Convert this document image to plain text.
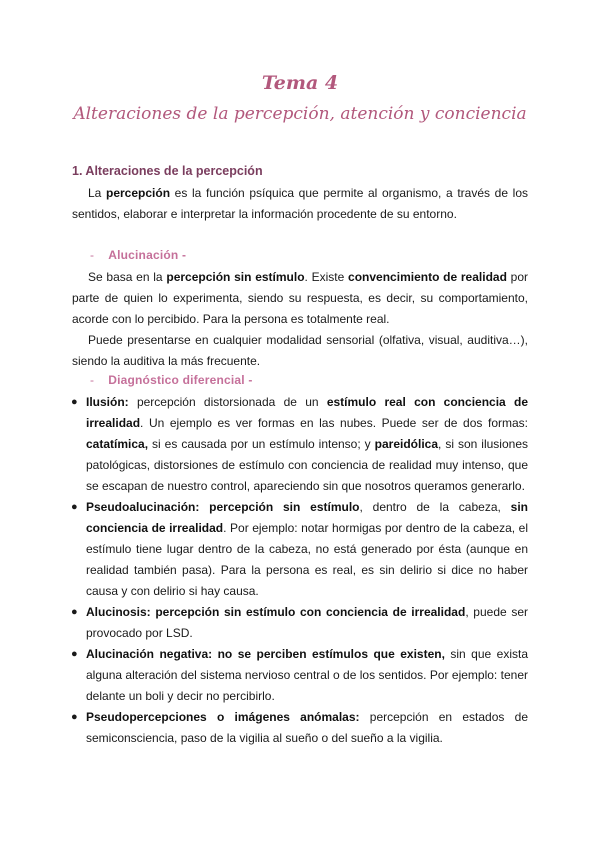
Tema 4
Alteraciones de la percepción, atención y conciencia
1. Alteraciones de la percepción
La percepción es la función psíquica que permite al organismo, a través de los sentidos, elaborar e interpretar la información procedente de su entorno.
- Alucinación -
Se basa en la percepción sin estímulo. Existe convencimiento de realidad por parte de quien lo experimenta, siendo su respuesta, es decir, su comportamiento, acorde con lo percibido. Para la persona es totalmente real.
Puede presentarse en cualquier modalidad sensorial (olfativa, visual, auditiva…), siendo la auditiva la más frecuente.
- Diagnóstico diferencial -
● Ilusión: percepción distorsionada de un estímulo real con conciencia de irrealidad. Un ejemplo es ver formas en las nubes. Puede ser de dos formas: catatímica, si es causada por un estímulo intenso; y pareidólica, si son ilusiones patológicas, distorsiones de estímulo con conciencia de realidad muy intenso, que se escapan de nuestro control, apareciendo sin que nosotros queramos generarlo.
● Pseudoalucinación: percepción sin estímulo, dentro de la cabeza, sin conciencia de irrealidad. Por ejemplo: notar hormigas por dentro de la cabeza, el estímulo tiene lugar dentro de la cabeza, no está generado por ésta (aunque en realidad también pasa). Para la persona es real, es sin delirio si dice no haber causa y con delirio si hay causa.
● Alucinosis: percepción sin estímulo con conciencia de irrealidad, puede ser provocado por LSD.
● Alucinación negativa: no se perciben estímulos que existen, sin que exista alguna alteración del sistema nervioso central o de los sentidos. Por ejemplo: tener delante un boli y decir no percibirlo.
● Pseudopercepciones o imágenes anómalas: percepción en estados de semiconsciencia, paso de la vigilia al sueño o del sueño a la vigilia.
